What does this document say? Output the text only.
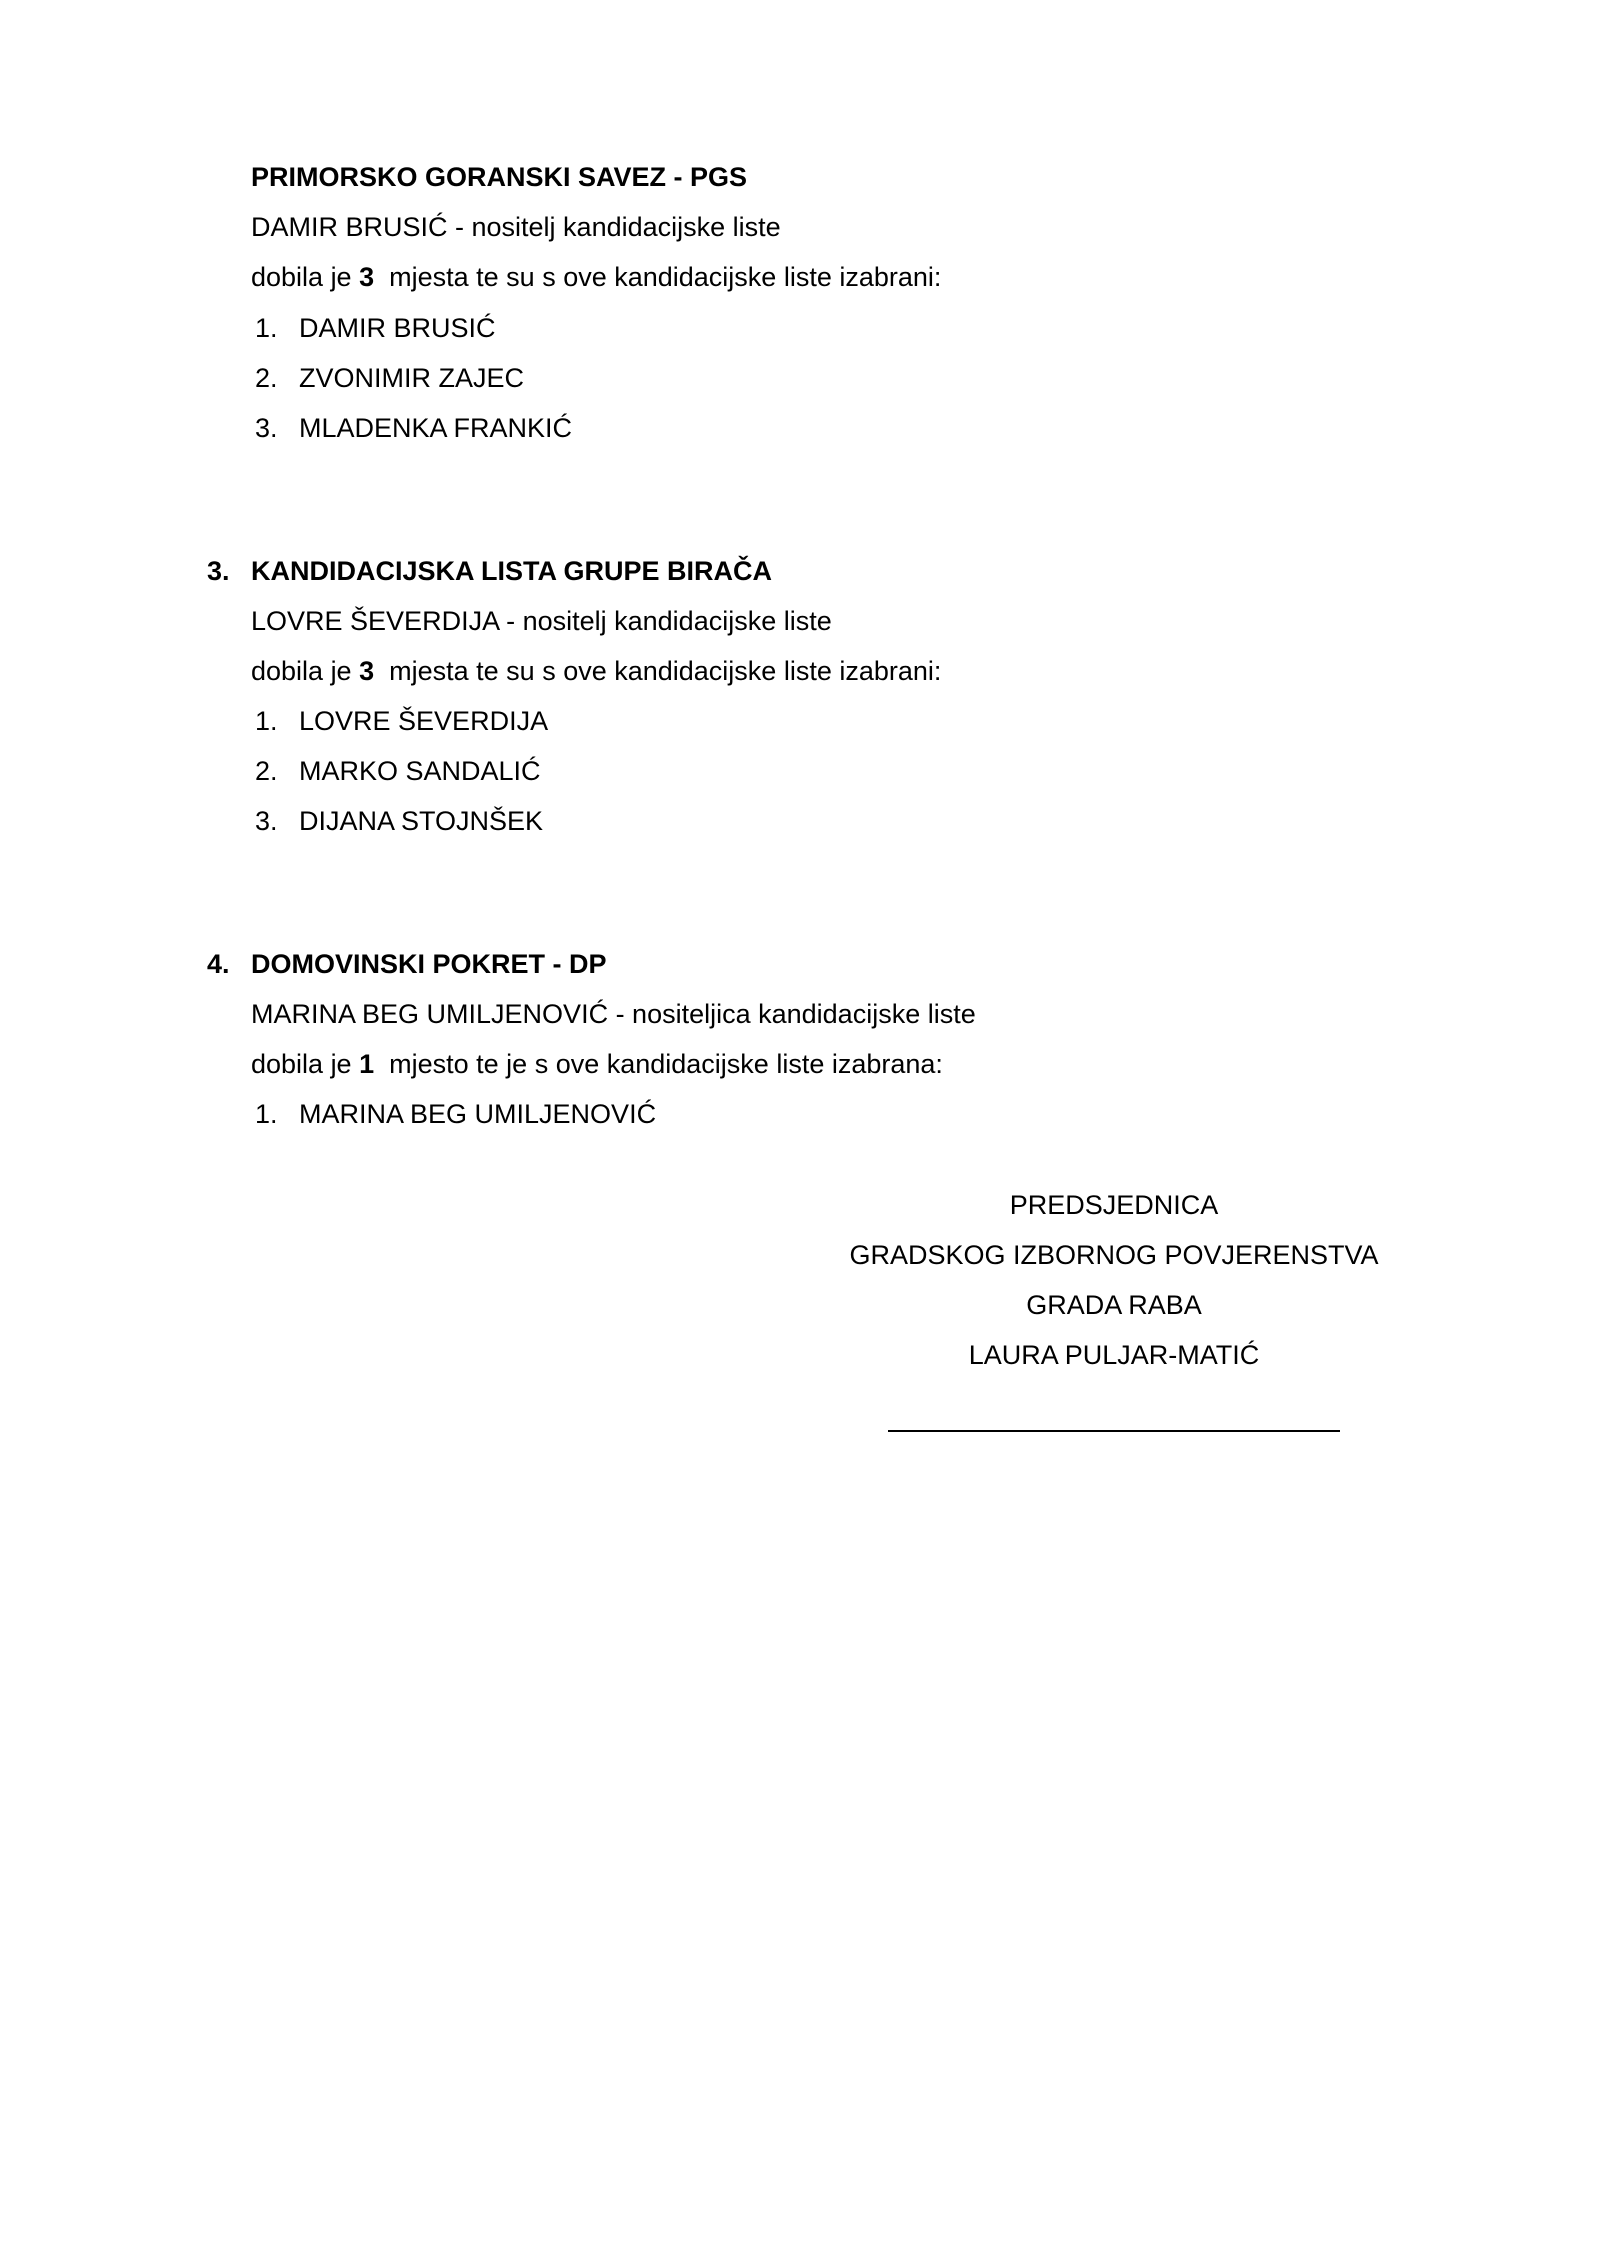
PRIMORSKO GORANSKI SAVEZ - PGS
DAMIR BRUSIĆ - nositelj kandidacijske liste
dobila je 3  mjesta te su s ove kandidacijske liste izabrani:
1. DAMIR BRUSIĆ
2. ZVONIMIR ZAJEC
3. MLADENKA FRANKIĆ
3. KANDIDACIJSKA LISTA GRUPE BIRAČA
LOVRE ŠEVERDIJA - nositelj kandidacijske liste
dobila je 3  mjesta te su s ove kandidacijske liste izabrani:
1. LOVRE ŠEVERDIJA
2. MARKO SANDALIĆ
3. DIJANA STOJNŠEK
4. DOMOVINSKI POKRET - DP
MARINA BEG UMILJENOVIĆ - nositeljica kandidacijske liste
dobila je 1  mjesto te je s ove kandidacijske liste izabrana:
1. MARINA BEG UMILJENOVIĆ
PREDSJEDNICA
GRADSKOG IZBORNOG POVJERENSTVA
GRADA RABA
LAURA PULJAR-MATIĆ
